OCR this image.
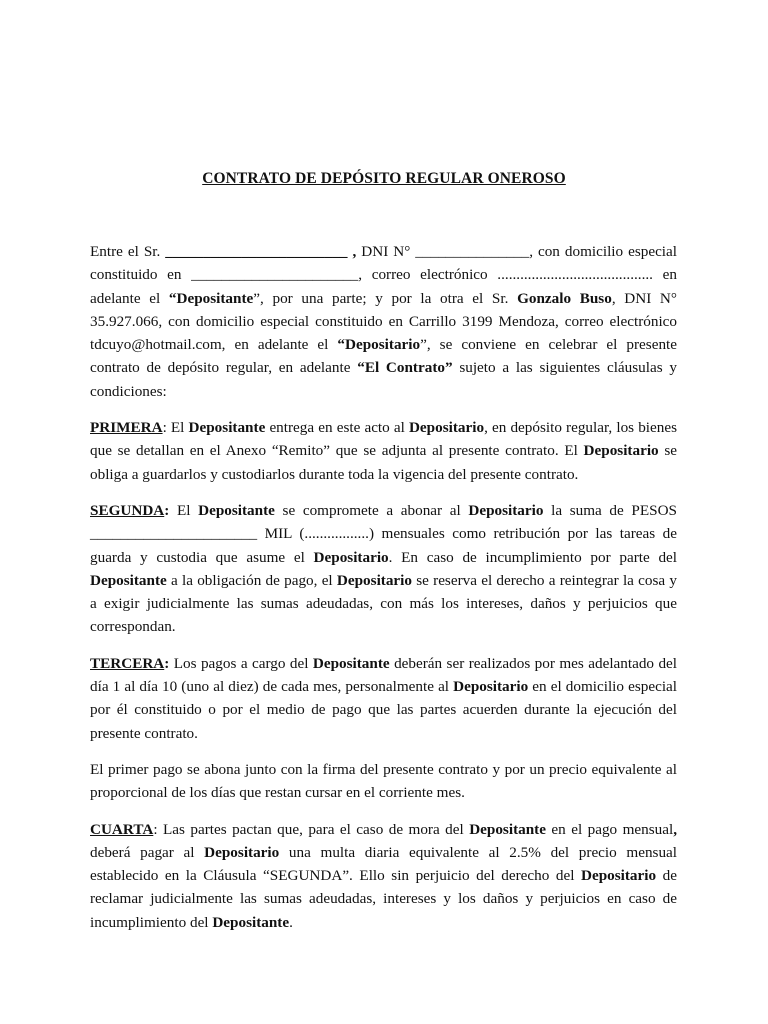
CONTRATO DE DEPÓSITO REGULAR ONEROSO

Entre el Sr. ________________________ , DNI N° _______________, con domicilio especial constituido en ______________________, correo electrónico ......................................... en adelante el “Depositante”, por una parte; y por la otra el Sr. Gonzalo Buso, DNI N° 35.927.066, con domicilio especial constituido en Carrillo 3199 Mendoza, correo electrónico tdcuyo@hotmail.com, en adelante el “Depositario”, se conviene en celebrar el presente contrato de depósito regular, en adelante “El Contrato” sujeto a las siguientes cláusulas y condiciones:

PRIMERA: El Depositante entrega en este acto al Depositario, en depósito regular, los bienes que se detallan en el Anexo “Remito” que se adjunta al presente contrato. El Depositario se obliga a guardarlos y custodiarlos durante toda la vigencia del presente contrato.

SEGUNDA: El Depositante se compromete a abonar al Depositario la suma de PESOS ______________________ MIL (.................) mensuales como retribución por las tareas de guarda y custodia que asume el Depositario. En caso de incumplimiento por parte del Depositante a la obligación de pago, el Depositario se reserva el derecho a reintegrar la cosa y a exigir judicialmente las sumas adeudadas, con más los intereses, daños y perjuicios que correspondan.

TERCERA: Los pagos a cargo del Depositante deberán ser realizados por mes adelantado del día 1 al día 10 (uno al diez) de cada mes, personalmente al Depositario en el domicilio especial por él constituido o por el medio de pago que las partes acuerden durante la ejecución del presente contrato.

El primer pago se abona junto con la firma del presente contrato y por un precio equivalente al proporcional de los días que restan cursar en el corriente mes.

CUARTA: Las partes pactan que, para el caso de mora del Depositante en el pago mensual, deberá pagar al Depositario una multa diaria equivalente al 2.5% del precio mensual establecido en la Cláusula “SEGUNDA”. Ello sin perjuicio del derecho del Depositario de reclamar judicialmente las sumas adeudadas, intereses y los daños y perjuicios en caso de incumplimiento del Depositante.
